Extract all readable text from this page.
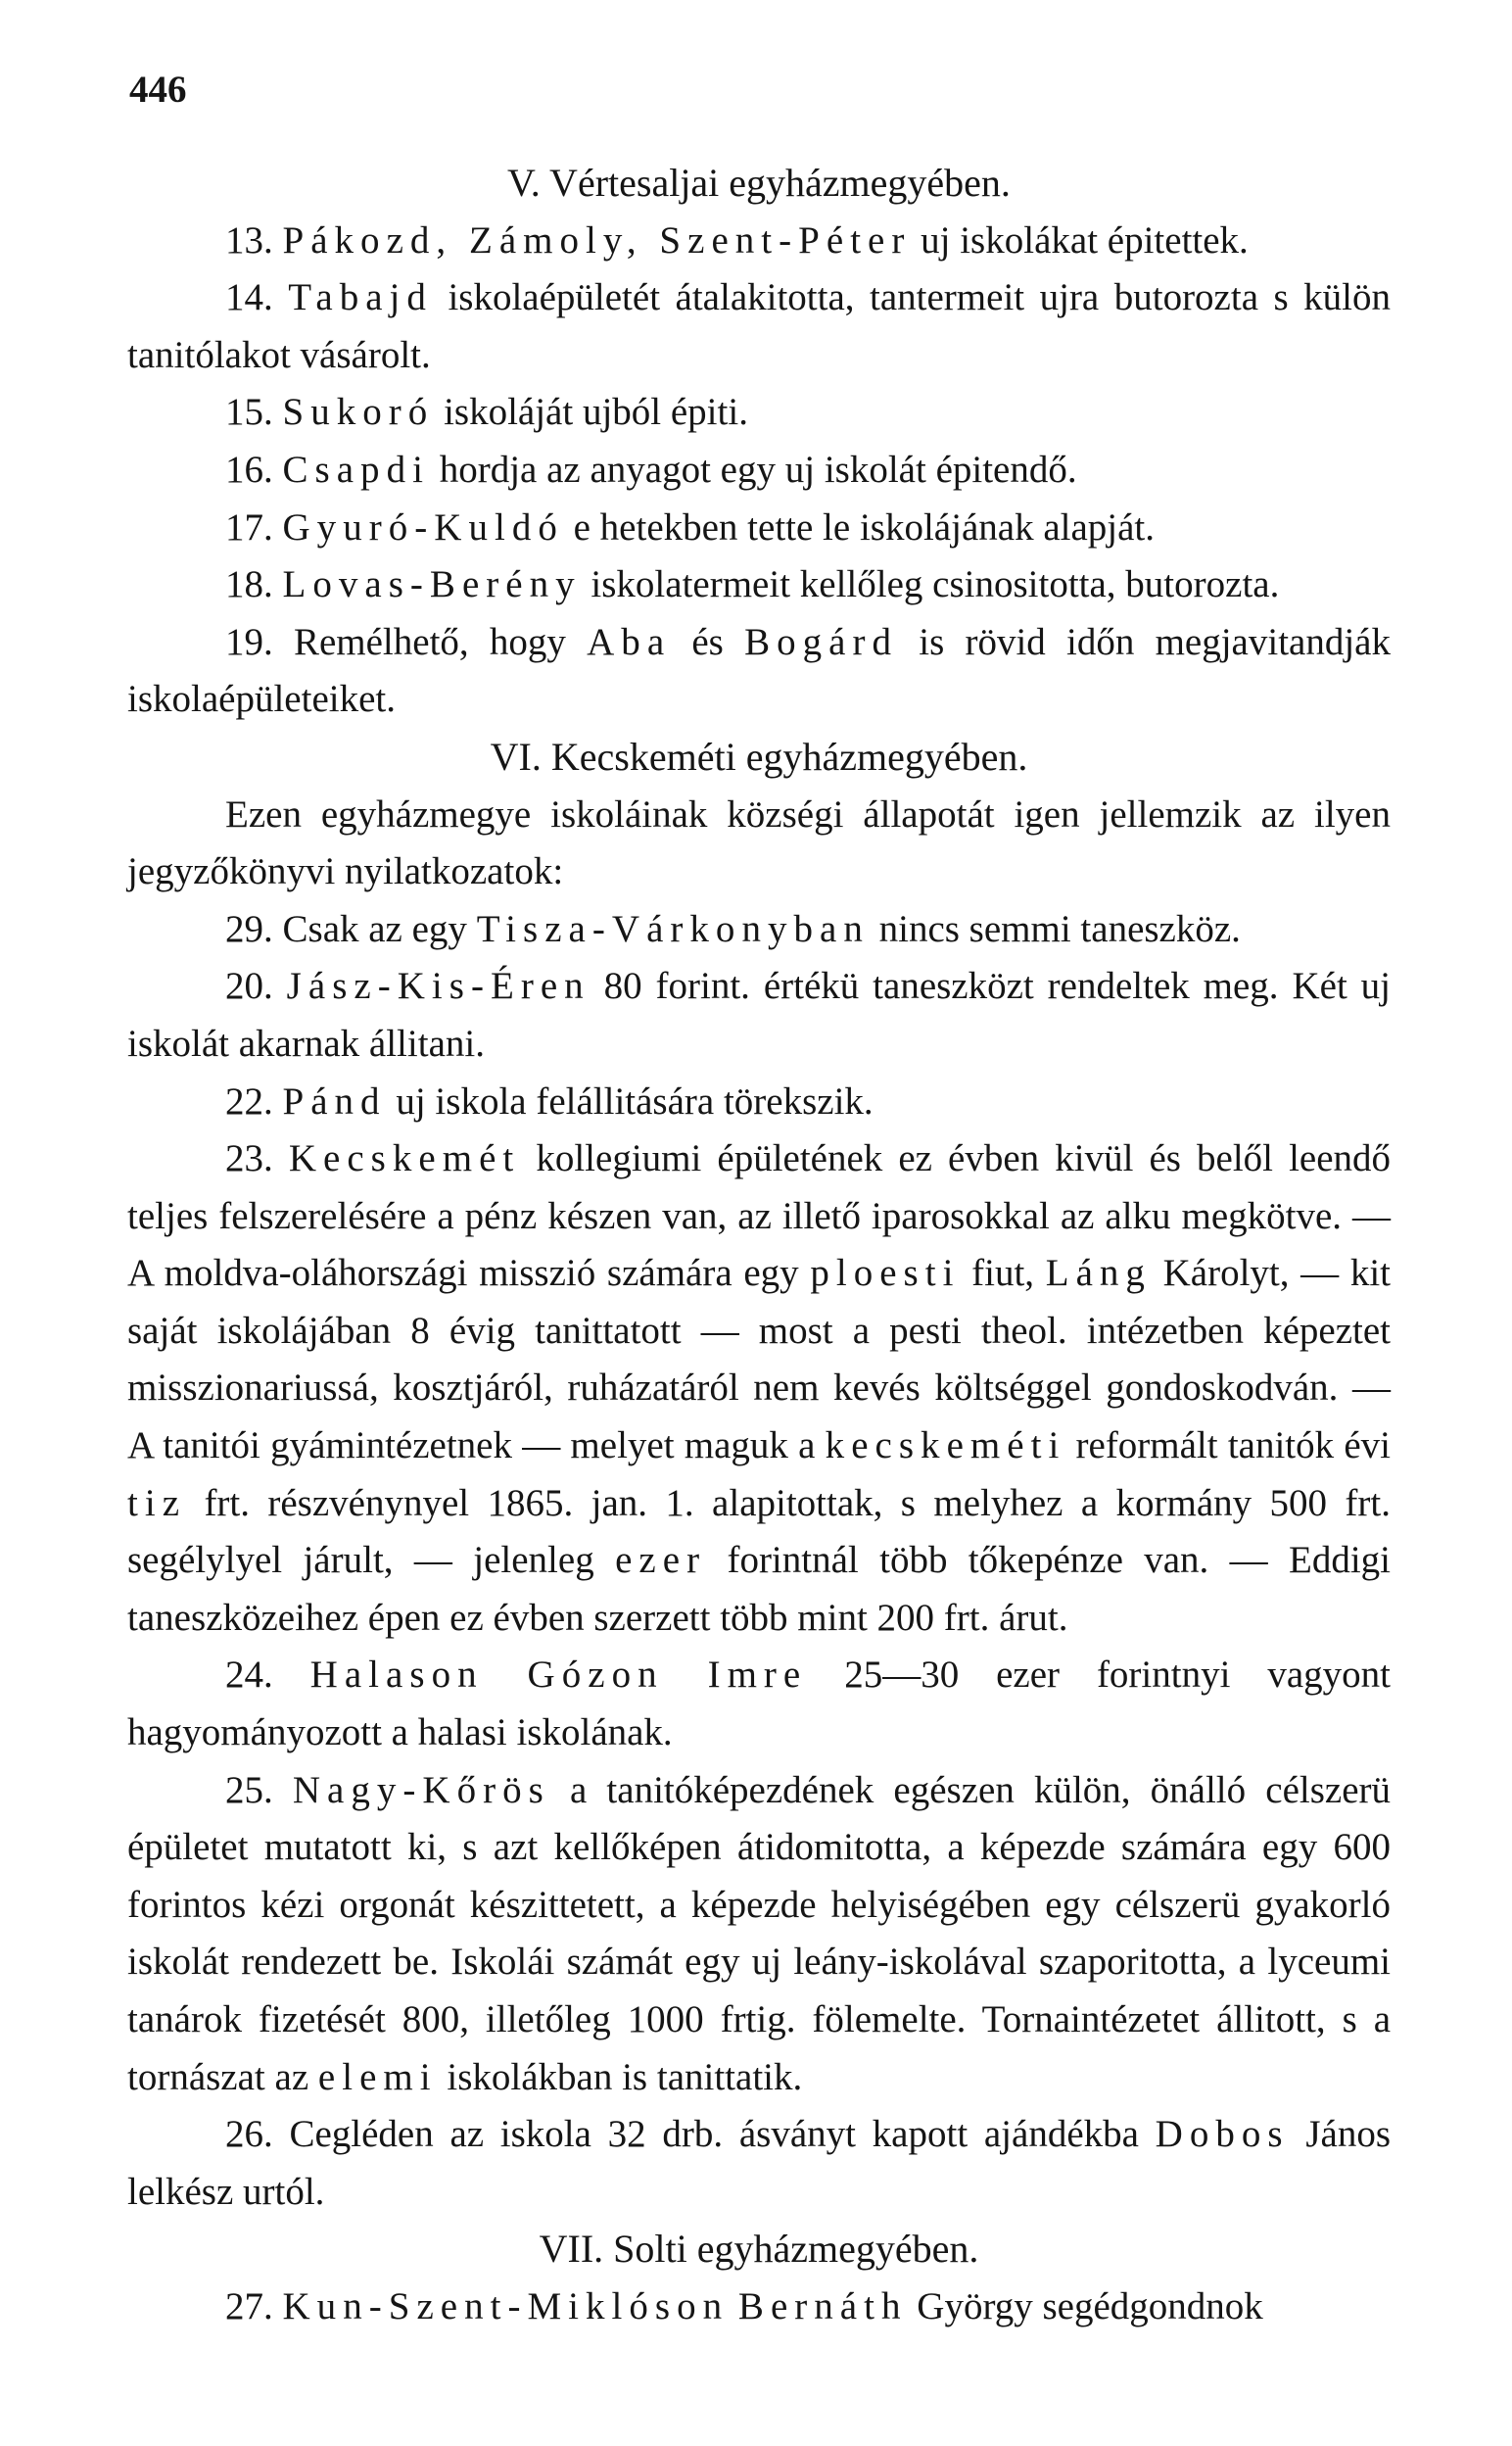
446
V. Vértesaljai egyházmegyében.

13. Pákozd, Zámoly, Szent-Péter uj iskolákat épitettek.

14. Tabajd iskolaépületét átalakitotta, tantermeit ujra butorozta s külön tanitólakot vásárolt.

15. Sukoró iskoláját ujból épiti.

16. Csapdi hordja az anyagot egy uj iskolát épitendő.

17. Gyuró-Kuldó e hetekben tette le iskolájának alapját.

18. Lovas-Berény iskolatermeit kellőleg csinositotta, butorozta.

19. Remélhető, hogy Aba és Bogárd is rövid időn megjavitandják iskolaépületeiket.

VI. Kecskeméti egyházmegyében.

Ezen egyházmegye iskoláinak községi állapotát igen jellemzik az ilyen jegyzőkönyvi nyilatkozatok:

29. Csak az egy Tisza-Várkonyban nincs semmi taneszköz.

20. Jász-Kis-Éren 80 forint. értékü taneszközt rendeltek meg. Két uj iskolát akarnak állitani.

22. Pánd uj iskola felállitására törekszik.

23. Kecskemét kollegiumi épületének ez évben kivül és belől leendő teljes felszerelésére a pénz készen van, az illető iparosokkal az alku megkötve. — A moldva-oláhországi misszió számára egy ploesti fiut, Láng Károlyt, — kit saját iskolájában 8 évig tanittatott — most a pesti theol. intézetben képeztet misszionariussá, kosztjáról, ruházatáról nem kevés költséggel gondoskodván. — A tanitói gyámintézetnek — melyet maguk a kecskeméti reformált tanitók évi tiz frt. részvénynyel 1865. jan. 1. alapitottak, s melyhez a kormány 500 frt. segélylyel járult, — jelenleg ezer forintnál több tőkepénze van. — Eddigi taneszközeihez épen ez évben szerzett több mint 200 frt. árut.

24. Halason Gózon Imre 25—30 ezer forintnyi vagyont hagyományozott a halasi iskolának.

25. Nagy-Kőrös a tanitóképezdének egészen külön, önálló célszerü épületet mutatott ki, s azt kellőképen átidomitotta, a képezde számára egy 600 forintos kézi orgonát készittetett, a képezde helyiségében egy célszerü gyakorló iskolát rendezett be. Iskolái számát egy uj leány-iskolával szaporitotta, a lyceumi tanárok fizetését 800, illetőleg 1000 frtig. fölemelte. Tornaintézetet állitott, s a tornászat az elemi iskolákban is tanittatik.

26. Cegléden az iskola 32 drb. ásványt kapott ajándékba Dobos János lelkész urtól.

VII. Solti egyházmegyében.

27. Kun-Szent-Miklóson Bernáth György segédgondnok
